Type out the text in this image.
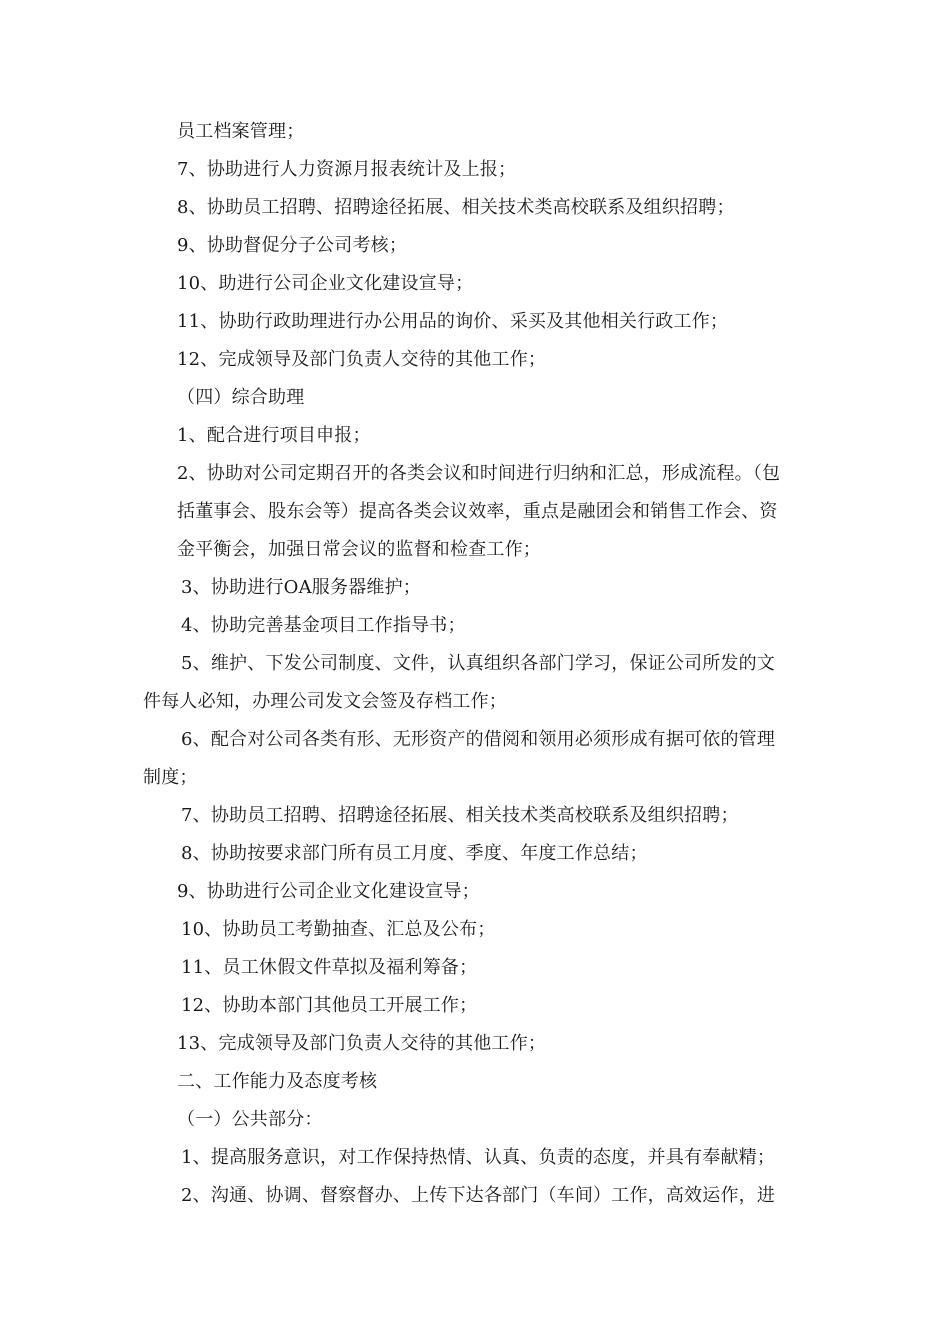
员工档案管理；
7、协助进行人力资源月报表统计及上报；
8、协助员工招聘、招聘途径拓展、相关技术类高校联系及组织招聘；
9、协助督促分子公司考核；
10、助进行公司企业文化建设宣导；
11、协助行政助理进行办公用品的询价、采买及其他相关行政工作；
12、完成领导及部门负责人交待的其他工作；
（四）综合助理
1、配合进行项目申报；
2、协助对公司定期召开的各类会议和时间进行归纳和汇总，形成流程。（包
括董事会、股东会等）提高各类会议效率，重点是融团会和销售工作会、资
金平衡会，加强日常会议的监督和检查工作；
3、协助进行OA服务器维护；
4、协助完善基金项目工作指导书；
5、维护、下发公司制度、文件，认真组织各部门学习，保证公司所发的文
件每人必知，办理公司发文会签及存档工作；
6、配合对公司各类有形、无形资产的借阅和领用必须形成有据可依的管理
制度；
7、协助员工招聘、招聘途径拓展、相关技术类高校联系及组织招聘；
8、协助按要求部门所有员工月度、季度、年度工作总结；
9、协助进行公司企业文化建设宣导；
10、协助员工考勤抽查、汇总及公布；
11、员工休假文件草拟及福利筹备；
12、协助本部门其他员工开展工作；
13、完成领导及部门负责人交待的其他工作；
二、工作能力及态度考核
（一）公共部分：
1、提高服务意识，对工作保持热情、认真、负责的态度，并具有奉献精；
2、沟通、协调、督察督办、上传下达各部门（车间）工作，高效运作，进
